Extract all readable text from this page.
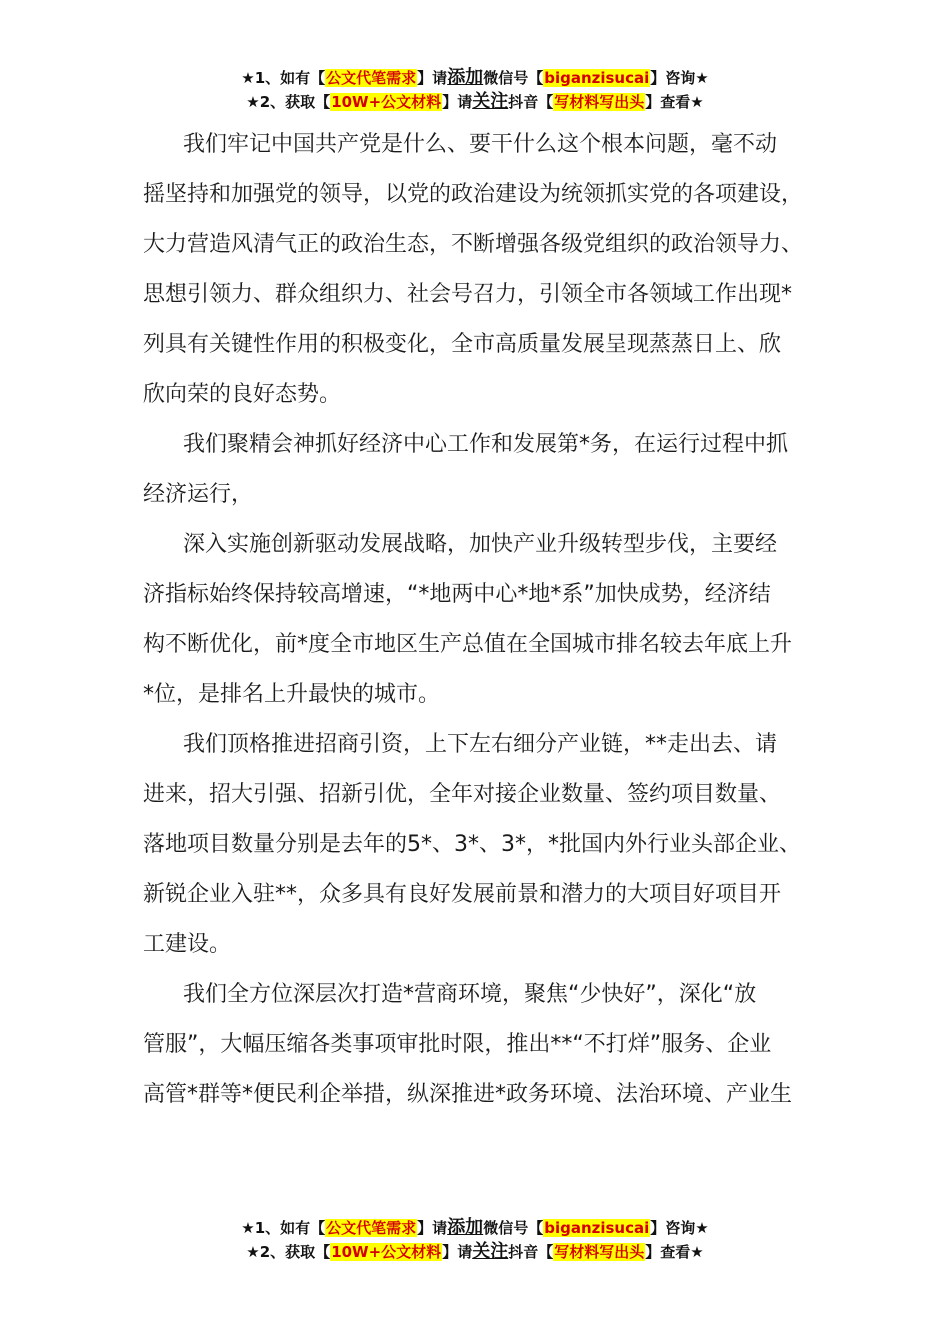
★1、如有【公文代笔需求】请添加微信号【biganzisucai】咨询★
★2、获取【10W+公文材料】请关注抖音【写材料写出头】查看★

我们牢记中国共产党是什么、要干什么这个根本问题，毫不动
摇坚持和加强党的领导，以党的政治建设为统领抓实党的各项建设，
大力营造风清气正的政治生态，不断增强各级党组织的政治领导力、
思想引领力、群众组织力、社会号召力，引领全市各领域工作出现*
列具有关键性作用的积极变化，全市高质量发展呈现蒸蒸日上、欣
欣向荣的良好态势。

我们聚精会神抓好经济中心工作和发展第*务，在运行过程中抓
经济运行，

深入实施创新驱动发展战略，加快产业升级转型步伐，主要经
济指标始终保持较高增速，“*地两中心*地*系”加快成势，经济结
构不断优化，前*度全市地区生产总值在全国城市排名较去年底上升
*位，是排名上升最快的城市。

我们顶格推进招商引资，上下左右细分产业链，**走出去、请
进来，招大引强、招新引优，全年对接企业数量、签约项目数量、
落地项目数量分别是去年的5*、3*、3*，*批国内外行业头部企业、
新锐企业入驻**，众多具有良好发展前景和潜力的大项目好项目开
工建设。

我们全方位深层次打造*营商环境，聚焦“少快好”，深化“放
管服”，大幅压缩各类事项审批时限，推出**“不打烊”服务、企业
高管*群等*便民利企举措，纵深推进*政务环境、法治环境、产业生

★1、如有【公文代笔需求】请添加微信号【biganzisucai】咨询★
★2、获取【10W+公文材料】请关注抖音【写材料写出头】查看★
